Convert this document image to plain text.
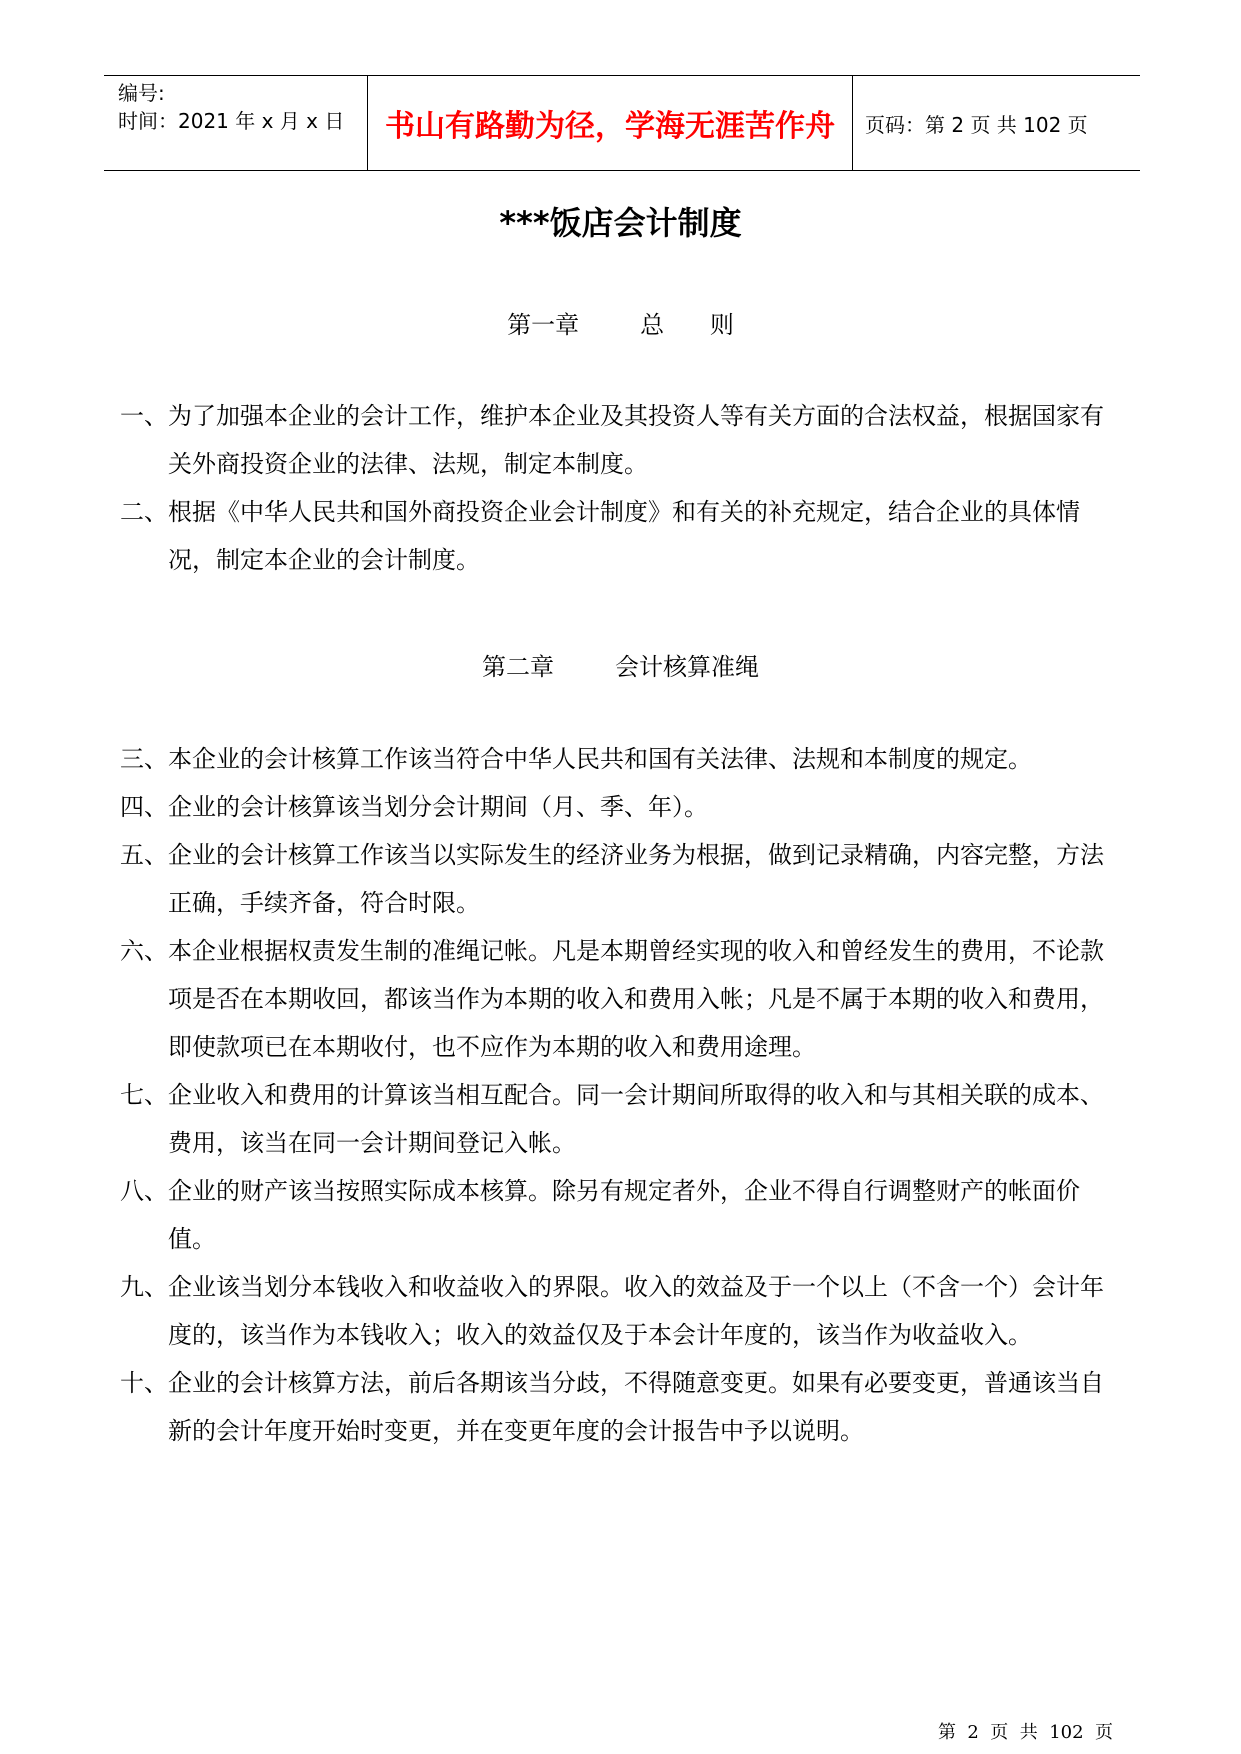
编号:
时间：2021 年 x 月 x 日	书山有路勤为径，学海无涯苦作舟	页码：第 2 页 共 102 页
***饭店会计制度
第一章        总      则
一、 为了加强本企业的会计工作，维护本企业及其投资人等有关方面的合法权益，根据国家有关外商投资企业的法律、法规，制定本制度。
二、 根据《中华人民共和国外商投资企业会计制度》和有关的补充规定，结合企业的具体情况，制定本企业的会计制度。
第二章        会计核算准绳
三、 本企业的会计核算工作该当符合中华人民共和国有关法律、法规和本制度的规定。
四、 企业的会计核算该当划分会计期间（月、季、年）。
五、 企业的会计核算工作该当以实际发生的经济业务为根据，做到记录精确，内容完整，方法正确，手续齐备，符合时限。
六、 本企业根据权责发生制的准绳记帐。凡是本期曾经实现的收入和曾经发生的费用，不论款项是否在本期收回，都该当作为本期的收入和费用入帐；凡是不属于本期的收入和费用，即使款项已在本期收付，也不应作为本期的收入和费用途理。
七、 企业收入和费用的计算该当相互配合。同一会计期间所取得的收入和与其相关联的成本、费用，该当在同一会计期间登记入帐。
八、 企业的财产该当按照实际成本核算。除另有规定者外，企业不得自行调整财产的帐面价值。
九、 企业该当划分本钱收入和收益收入的界限。收入的效益及于一个以上（不含一个）会计年度的，该当作为本钱收入；收入的效益仅及于本会计年度的，该当作为收益收入。
十、 企业的会计核算方法，前后各期该当分歧，不得随意变更。如果有必要变更，普通该当自新的会计年度开始时变更，并在变更年度的会计报告中予以说明。
第  2  页  共  102  页
